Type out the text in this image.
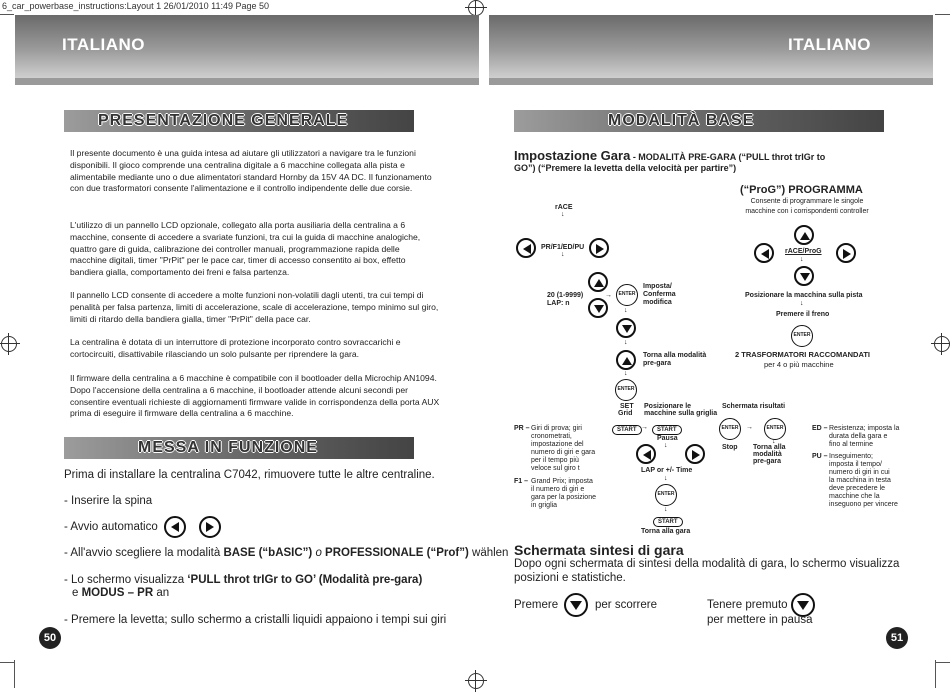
6_car_powerbase_instructions:Layout 1 26/01/2010 11:49 Page 50
ITALIANO	ITALIANO
PRESENTAZIONE GENERALE
Il presente documento è una guida intesa ad aiutare gli utilizzatori a navigare tra le funzioni disponibili. Il gioco comprende una centralina digitale a 6 macchine collegata alla pista e alimentabile mediante uno o due alimentatori standard Hornby da 15V 4A DC. Il funzionamento con due trasformatori consente l'alimentazione e il controllo indipendente delle due corsie.
L'utilizzo di un pannello LCD opzionale, collegato alla porta ausiliaria della centralina a 6 macchine, consente di accedere a svariate funzioni, tra cui la guida di macchine analogiche, quattro gare di guida, calibrazione dei controller manuali, programmazione rapida delle macchine digitali, timer "PrPit" per le pace car, timer di accesso consentito ai box, effetto bandiera gialla, comportamento dei freni e falsa partenza.
Il pannello LCD consente di accedere a molte funzioni non-volatili dagli utenti, tra cui tempi di penalità per falsa partenza, limiti di accelerazione, scale di accelerazione, tempo minimo sul giro, limiti di ritardo della bandiera gialla, timer "PrPit" della pace car.
La centralina è dotata di un interruttore di protezione incorporato contro sovraccarichi e cortocircuiti, disattivabile rilasciando un solo pulsante per riprendere la gara.
Il firmware della centralina a 6 macchine è compatibile con il bootloader della Microchip AN1094. Dopo l'accensione della centralina a 6 macchine, il bootloader attende alcuni secondi per consentire eventuali richieste di aggiornamenti firmware valide in corrispondenza della porta AUX prima di eseguire il firmware della centralina a 6 macchine.
MESSA IN FUNZIONE
Prima di installare la centralina C7042, rimuovere tutte le altre centraline.
- Inserire la spina
- Avvio automatico
- All'avvio scegliere la modalità BASE (“bASIC”) o PROFESSIONALE (“Prof”) wählen
- Lo schermo visualizza ‘PULL throt trIGr to GO’ (Modalità pre-gara)
e MODUS – PR an
- Premere la levetta; sullo schermo a cristalli liquidi appaiono i tempi sui giri
50
MODALITÀ BASE
Impostazione Gara - MODALITÀ PRE-GARA (“PULL throt trIGr to
GO”) (“Premere la levetta della velocità per partire”)
rACE
↓
PR/F1/ED/PU
↓
20 (1-9999)
LAP: n
→	ENTER
Imposta/
Conferma
modifica
↓
↓
Torna alla modalità
pre-gara
↓
ENTER
SET
Grid
Posizionare le
macchine sulla griglia
Schermata risultati
START →	START
Pausa
↓
LAP or +/- Time
↓
ENTER
↓
START
Torna alla gara
ENTER
Stop
→	ENTER
↓
Torna alla
modalità
pre-gara
(“ProG”) PROGRAMMA
Consente di programmare le singole
macchine con i corrispondenti controller
rACE/ProG
↓
Posizionare la macchina sulla pista
↓
Premere il freno
ENTER
2 TRASFORMATORI RACCOMANDATI
per 4 o più macchine
PR – Giri di prova; giri
cronometrati,
impostazione del
numero di giri e gara
per il tempo più
veloce sul giro t
F1 – Grand Prix; imposta
il numero di giri e
gara per la posizione
in griglia
ED – Resistenza; imposta la
durata della gara e
fino al termine
PU – Inseguimento;
imposta il tempo/
numero di giri in cui
la macchina in testa
deve precedere le
macchine che la
inseguono per vincere
Schermata sintesi di gara
Dopo ogni schermata di sintesi della modalità di gara, lo schermo visualizza
posizioni e statistiche.
Premere	per scorrere	Tenere premuto
per mettere in pausa
51
